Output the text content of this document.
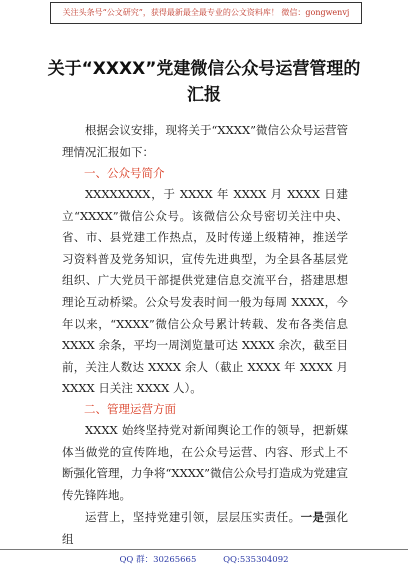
关注头条号“公文研究”，获得最新最全最专业的公文资料库！ 微信：gongwenvj
关于“XXXX”党建微信公众号运营管理的
汇报
根据会议安排，现将关于“XXXX”微信公众号运营管理情况汇报如下：
一、公众号简介
XXXXXXXX，于 XXXX 年 XXXX 月 XXXX 日建立“XXXX”微信公众号。该微信公众号密切关注中央、省、市、县党建工作热点，及时传递上级精神，推送学习资料普及党务知识，宣传先进典型，为全县各基层党组织、广大党员干部提供党建信息交流平台，搭建思想理论互动桥梁。公众号发表时间一般为每周 XXXX，今年以来，“XXXX”微信公众号累计转载、发布各类信息 XXXX 余条，平均一周浏览量可达 XXXX 余次，截至目前，关注人数达 XXXX 余人（截止 XXXX 年 XXXX 月 XXXX 日关注 XXXX 人）。
二、管理运营方面
XXXX 始终坚持党对新闻舆论工作的领导，把新媒体当做党的宣传阵地，在公众号运营、内容、形式上不断强化管理，力争将“XXXX”微信公众号打造成为党建宣传先锋阵地。
运营上，坚持党建引领，层层压实责任。一是强化组
QQ 群：30265665	QQ:535304092
